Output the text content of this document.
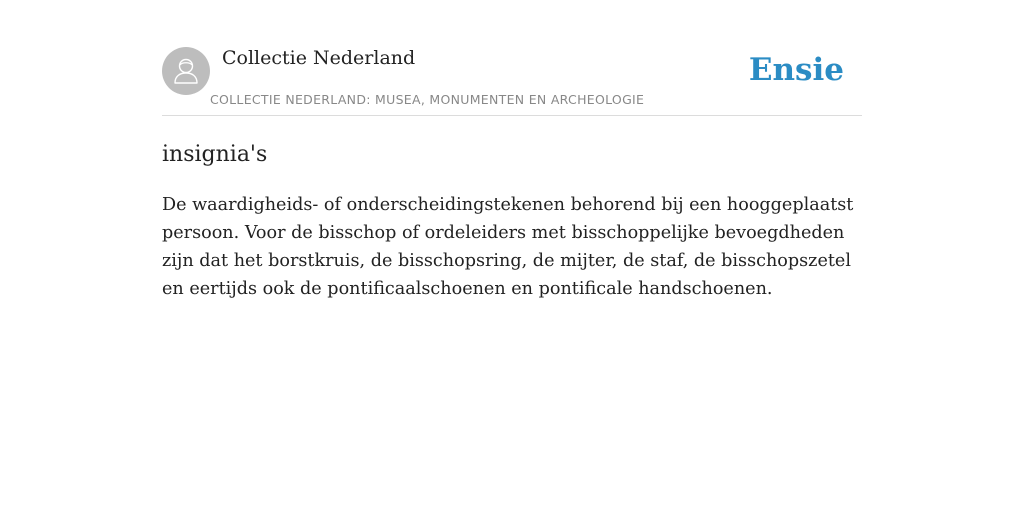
Collectie Nederland
COLLECTIE NEDERLAND: MUSEA, MONUMENTEN EN ARCHEOLOGIE
Ensie
insignia's

De waardigheids- of onderscheidingstekenen behorend bij een hooggeplaatst persoon. Voor de bisschop of ordeleiders met bisschoppelijke bevoegdheden zijn dat het borstkruis, de bisschopsring, de mijter, de staf, de bisschopszetel en eertijds ook de pontificaalschoenen en pontificale handschoenen.
